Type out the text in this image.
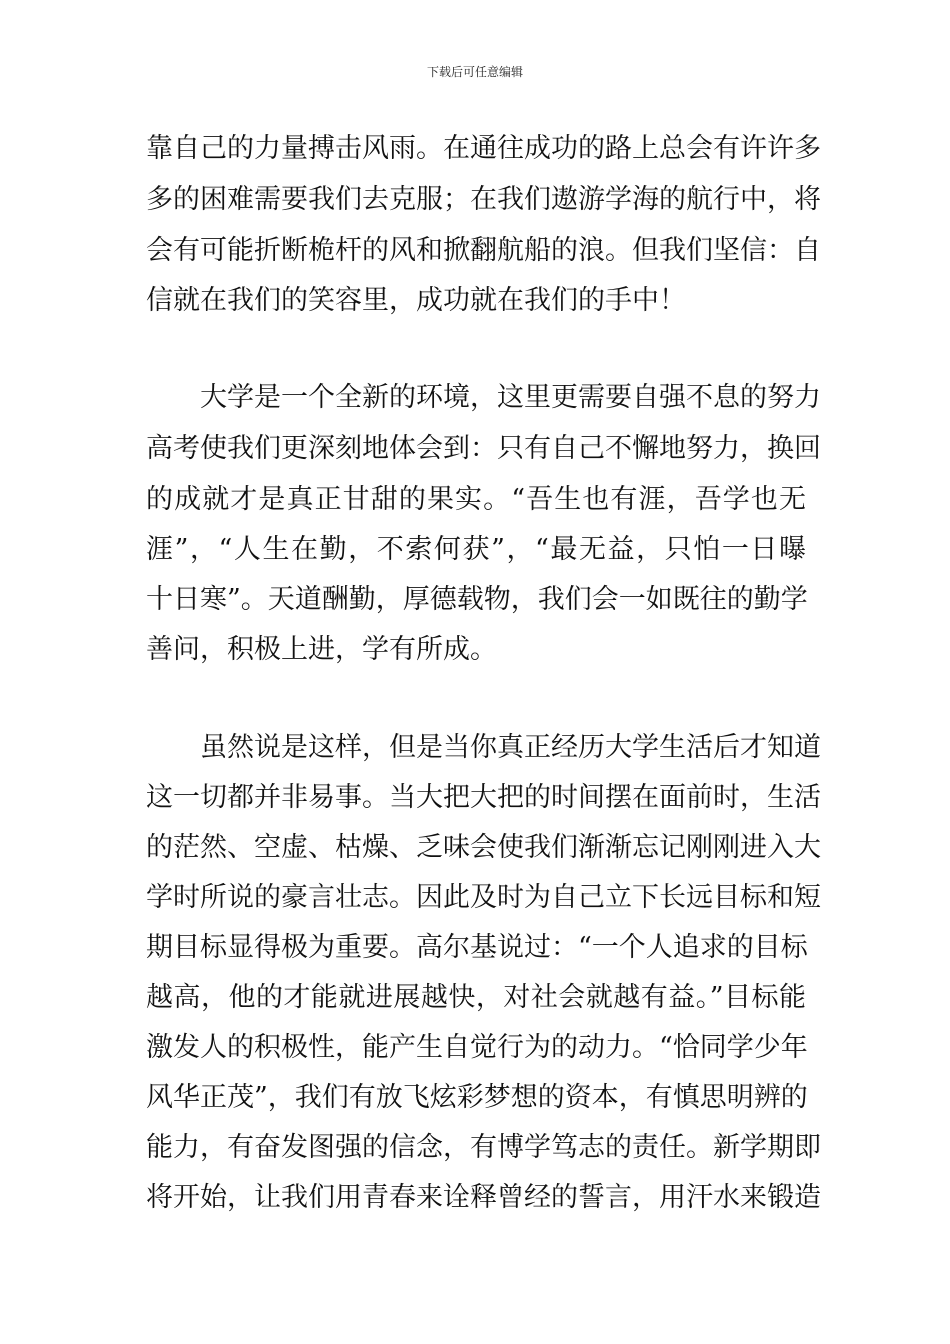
下载后可任意编辑
靠自己的力量搏击风雨。在通往成功的路上总会有许许多
多的困难需要我们去克服；在我们遨游学海的航行中，将
会有可能折断桅杆的风和掀翻航船的浪。但我们坚信：自
信就在我们的笑容里，成功就在我们的手中！
大学是一个全新的环境，这里更需要自强不息的努力
高考使我们更深刻地体会到：只有自己不懈地努力，换回
的成就才是真正甘甜的果实。“吾生也有涯，吾学也无
涯”，“人生在勤，不索何获”，“最无益，只怕一日曝
十日寒”。天道酬勤，厚德载物，我们会一如既往的勤学
善问，积极上进，学有所成。
虽然说是这样，但是当你真正经历大学生活后才知道
这一切都并非易事。当大把大把的时间摆在面前时，生活
的茫然、空虚、枯燥、乏味会使我们渐渐忘记刚刚进入大
学时所说的豪言壮志。因此及时为自己立下长远目标和短
期目标显得极为重要。高尔基说过：“一个人追求的目标
越高，他的才能就进展越快，对社会就越有益。”目标能
激发人的积极性，能产生自觉行为的动力。“恰同学少年
风华正茂”，我们有放飞炫彩梦想的资本，有慎思明辨的
能力，有奋发图强的信念，有博学笃志的责任。新学期即
将开始，让我们用青春来诠释曾经的誓言，用汗水来锻造
